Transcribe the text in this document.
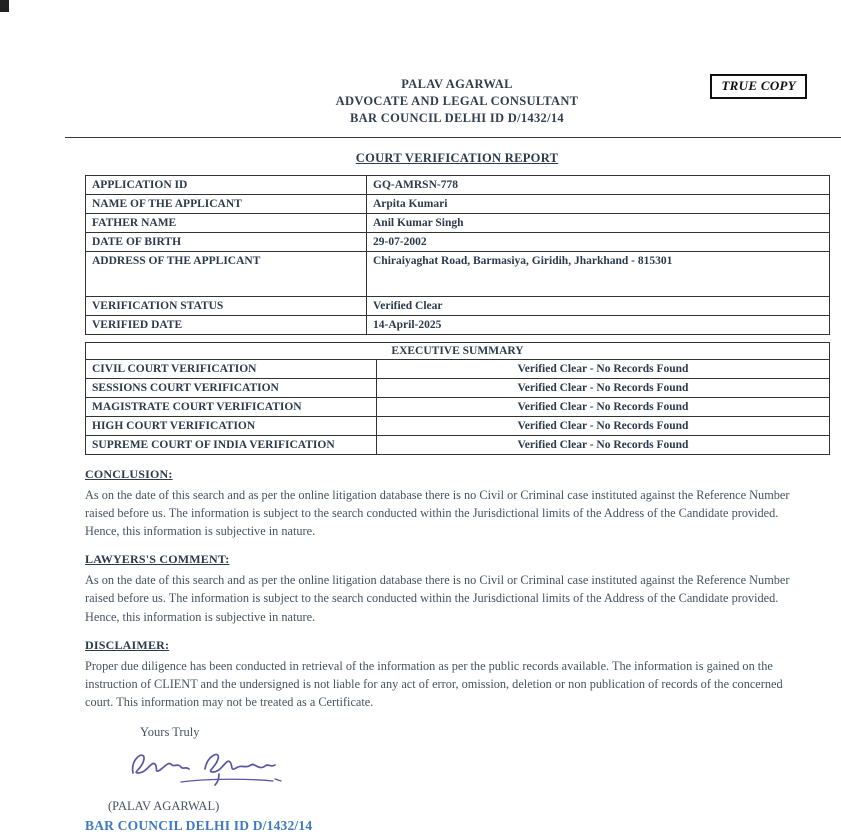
TRUE COPY
PALAV AGARWAL
ADVOCATE AND LEGAL CONSULTANT
BAR COUNCIL DELHI ID D/1432/14
COURT VERIFICATION REPORT
APPLICATION ID	GQ-AMRSN-778
NAME OF THE APPLICANT	Arpita Kumari
FATHER NAME	Anil Kumar Singh
DATE OF BIRTH	29-07-2002
ADDRESS OF THE APPLICANT	Chiraiyaghat Road, Barmasiya, Giridih, Jharkhand - 815301
VERIFICATION STATUS	Verified Clear
VERIFIED DATE	14-April-2025
EXECUTIVE SUMMARY	
CIVIL COURT VERIFICATION	Verified Clear - No Records Found
SESSIONS COURT VERIFICATION	Verified Clear - No Records Found
MAGISTRATE COURT VERIFICATION	Verified Clear - No Records Found
HIGH COURT VERIFICATION	Verified Clear - No Records Found
SUPREME COURT OF INDIA VERIFICATION	Verified Clear - No Records Found
CONCLUSION:
As on the date of this search and as per the online litigation database there is no Civil or Criminal case instituted against the Reference Number raised before us. The information is subject to the search conducted within the Jurisdictional limits of the Address of the Candidate provided. Hence, this information is subjective in nature.
LAWYERS'S COMMENT:
As on the date of this search and as per the online litigation database there is no Civil or Criminal case instituted against the Reference Number raised before us. The information is subject to the search conducted within the Jurisdictional limits of the Address of the Candidate provided. Hence, this information is subjective in nature.
DISCLAIMER:
Proper due diligence has been conducted in retrieval of the information as per the public records available. The information is gained on the instruction of CLIENT and the undersigned is not liable for any act of error, omission, deletion or non publication of records of the concerned court. This information may not be treated as a Certificate.
Yours Truly
(PALAV AGARWAL)
BAR COUNCIL DELHI ID D/1432/14
